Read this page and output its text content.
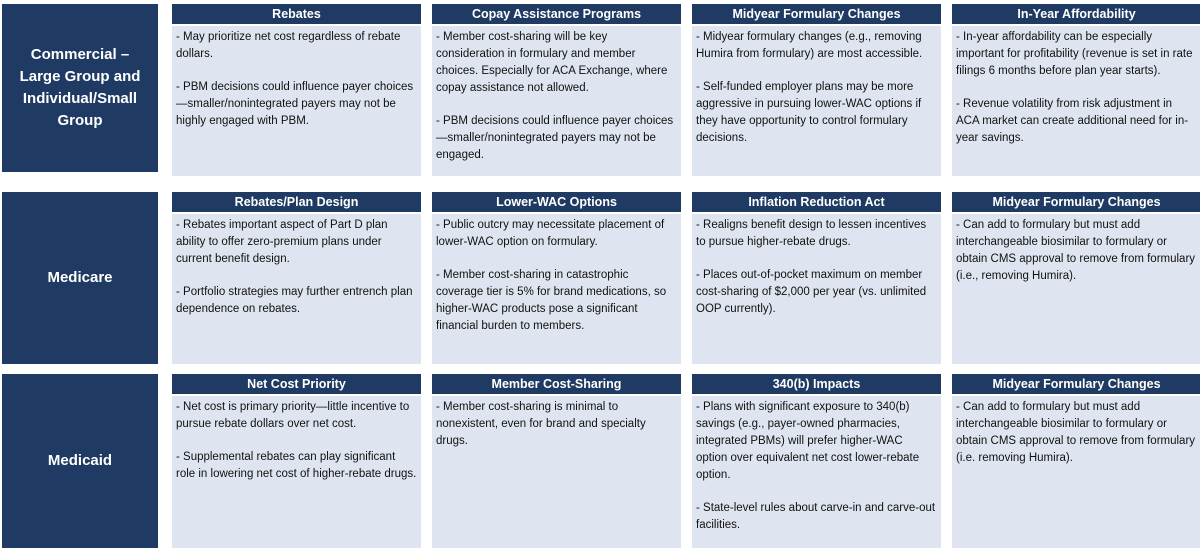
Commercial – Large Group and Individual/Small Group
Medicare
Medicaid
Rebates

- May prioritize net cost regardless of rebate dollars.

- PBM decisions could influence payer choices—smaller/nonintegrated payers may not be highly engaged with PBM.

Copay Assistance Programs

- Member cost-sharing will be key consideration in formulary and member choices. Especially for ACA Exchange, where copay assistance not allowed.

- PBM decisions could influence payer choices—smaller/nonintegrated payers may not be engaged.

Midyear Formulary Changes

- Midyear formulary changes (e.g., removing Humira from formulary) are most accessible.

- Self-funded employer plans may be more aggressive in pursuing lower-WAC options if they have opportunity to control formulary decisions.

In-Year Affordability

- In-year affordability can be especially important for profitability (revenue is set in rate filings 6 months before plan year starts).

- Revenue volatility from risk adjustment in ACA market can create additional need for in-year savings.

Rebates/Plan Design

- Rebates important aspect of Part D plan ability to offer zero-premium plans under current benefit design.

- Portfolio strategies may further entrench plan dependence on rebates.

Lower-WAC Options

- Public outcry may necessitate placement of lower-WAC option on formulary.

- Member cost-sharing in catastrophic coverage tier is 5% for brand medications, so higher-WAC products pose a significant financial burden to members.

Inflation Reduction Act

- Realigns benefit design to lessen incentives to pursue higher-rebate drugs.

- Places out-of-pocket maximum on member cost-sharing of $2,000 per year (vs. unlimited OOP currently).

Midyear Formulary Changes

- Can add to formulary but must add interchangeable biosimilar to formulary or obtain CMS approval to remove from formulary (i.e., removing Humira).

Net Cost Priority

- Net cost is primary priority—little incentive to pursue rebate dollars over net cost.

- Supplemental rebates can play significant role in lowering net cost of higher-rebate drugs.

Member Cost-Sharing

- Member cost-sharing is minimal to nonexistent, even for brand and specialty drugs.

340(b) Impacts

- Plans with significant exposure to 340(b) savings (e.g., payer-owned pharmacies, integrated PBMs) will prefer higher-WAC option over equivalent net cost lower-rebate option.

- State-level rules about carve-in and carve-out facilities.

Midyear Formulary Changes

- Can add to formulary but must add interchangeable biosimilar to formulary or obtain CMS approval to remove from formulary (i.e. removing Humira).
